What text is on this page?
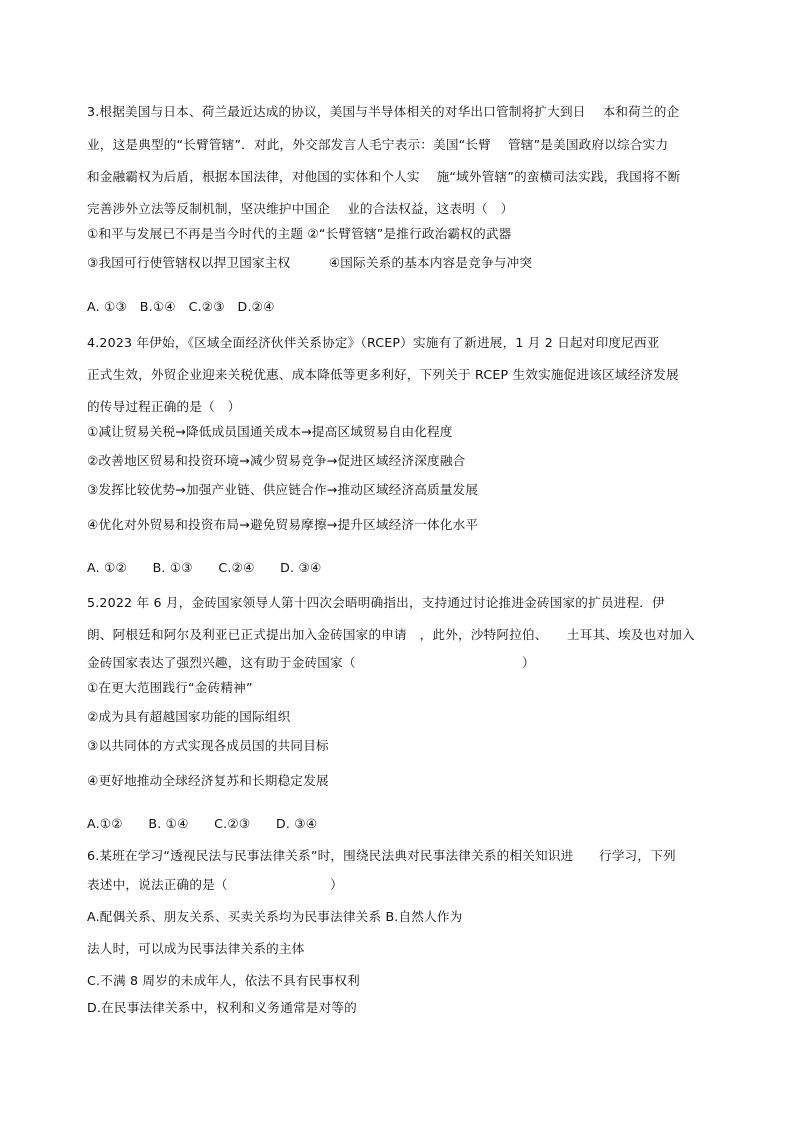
3.根据美国与日本、荷兰最近达成的协议，美国与半导体相关的对华出口管制将扩大到日　 本和荷兰的企
业，这是典型的“长臂管辖”．对此，外交部发言人毛宁表示：美国“长臂　 管辖”是美国政府以综合实力
和金融霸权为后盾，根据本国法律，对他国的实体和个人实　 施“域外管辖”的蛮横司法实践，我国将不断
完善涉外立法等反制机制，坚决维护中国企　 业的合法权益，这表明（　）
①和平与发展已不再是当今时代的主题 ②“长臂管辖”是推行政治霸权的武器
③我国可行使管辖权以捍卫国家主权　　　④国际关系的基本内容是竞争与冲突
A. ①③　B.①④　C.②③　D.②④
4.2023 年伊始，《区域全面经济伙伴关系协定》（RCEP）实施有了新进展，1 月 2 日起对印度尼西亚
正式生效，外贸企业迎来关税优惠、成本降低等更多利好，下列关于 RCEP 生效实施促进该区域经济发展
的传导过程正确的是（　）
①减让贸易关税→降低成员国通关成本→提高区域贸易自由化程度
②改善地区贸易和投资环境→减少贸易竞争→促进区域经济深度融合
③发挥比较优势→加强产业链、供应链合作→推动区域经济高质量发展
④优化对外贸易和投资布局→避免贸易摩擦→提升区域经济一体化水平
A. ①②　　B. ①③　　C.②④　　D. ③④
5.2022 年 6 月，金砖国家领导人第十四次会晤明确指出，支持通过讨论推进金砖国家的扩员进程．伊
朗、阿根廷和阿尔及利亚已正式提出加入金砖国家的申请　，此外，沙特阿拉伯、　　土耳其、埃及也对加入
金砖国家表达了强烈兴趣，这有助于金砖国家（　　　　　　　　　　　　　）
①在更大范围践行“金砖精神”
②成为具有超越国家功能的国际组织
③以共同体的方式实现各成员国的共同目标
④更好地推动全球经济复苏和长期稳定发展
A.①②　　B. ①④　　C.②③　　D. ③④
6.某班在学习“透视民法与民事法律关系”时，围绕民法典对民事法律关系的相关知识进　　行学习，下列
表述中，说法正确的是（　　　　　　　　）
A.配偶关系、朋友关系、买卖关系均为民事法律关系 B.自然人作为
法人时，可以成为民事法律关系的主体
C.不满 8 周岁的未成年人，依法不具有民事权利
D.在民事法律关系中，权利和义务通常是对等的
